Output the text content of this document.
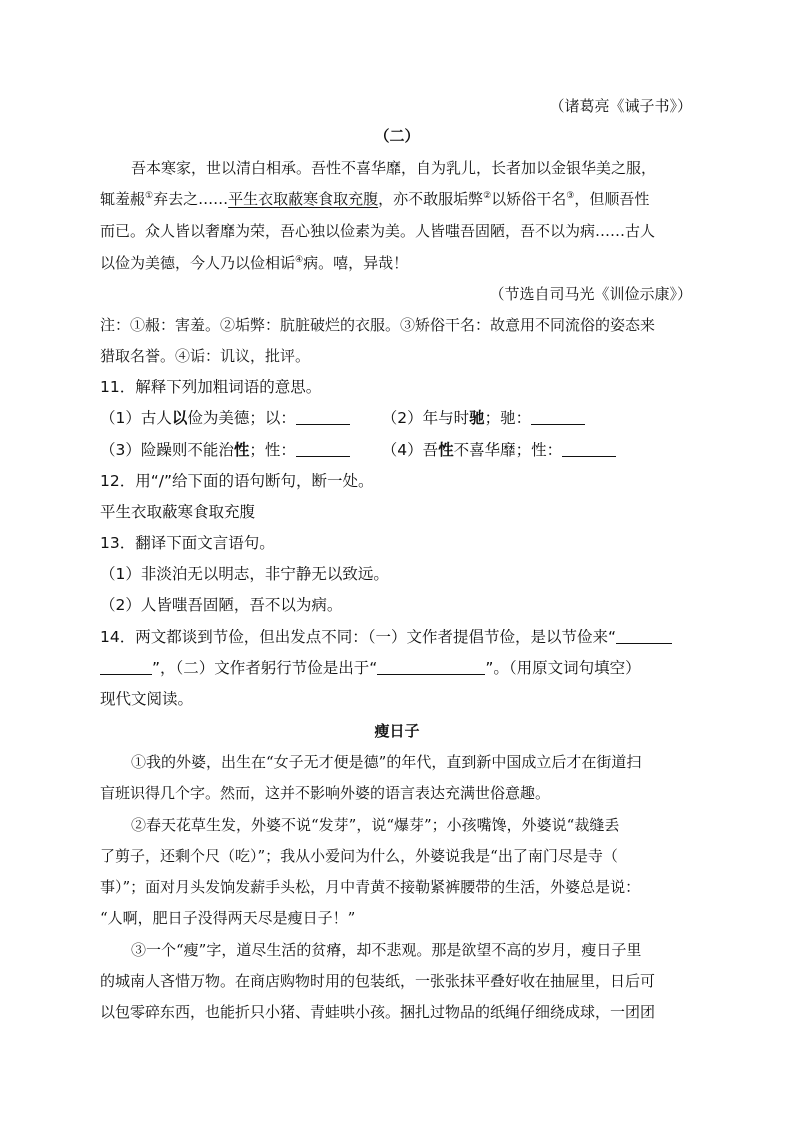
（诸葛亮《诫子书》）
（二）
吾本寒家，世以清白相承。吾性不喜华靡，自为乳儿，长者加以金银华美之服，
辄羞赧①弃去之……平生衣取蔽寒食取充腹，亦不敢服垢弊②以矫俗干名③，但顺吾性
而已。众人皆以奢靡为荣，吾心独以俭素为美。人皆嗤吾固陋，吾不以为病……古人
以俭为美德，今人乃以俭相诟④病。嘻，异哉！
（节选自司马光《训俭示康》）
注：①赧：害羞。②垢弊：肮脏破烂的衣服。③矫俗干名：故意用不同流俗的姿态来
猎取名誉。④诟：讥议，批评。
11．解释下列加粗词语的意思。
（1）古人以俭为美德；以：	（2）年与时驰；驰：
（3）险躁则不能治性；性：	（4）吾性不喜华靡；性：
12．用“/”给下面的语句断句，断一处。
平生衣取蔽寒食取充腹
13．翻译下面文言语句。
（1）非淡泊无以明志，非宁静无以致远。
（2）人皆嗤吾固陋，吾不以为病。
14．两文都谈到节俭，但出发点不同：（一）文作者提倡节俭，是以节俭来“
”，（二）文作者躬行节俭是出于“	”。（用原文词句填空）
现代文阅读。
瘦日子
①我的外婆，出生在“女子无才便是德”的年代，直到新中国成立后才在街道扫
盲班识得几个字。然而，这并不影响外婆的语言表达充满世俗意趣。
②春天花草生发，外婆不说“发芽”，说“爆芽”；小孩嘴馋，外婆说“裁缝丢
了剪子，还剩个尺（吃）”；我从小爱问为什么，外婆说我是“出了南门尽是寺（
事）”；面对月头发饷发薪手头松，月中青黄不接勒紧裤腰带的生活，外婆总是说：
“人啊，肥日子没得两天尽是瘦日子！”
③一个“瘦”字，道尽生活的贫瘠，却不悲观。那是欲望不高的岁月，瘦日子里
的城南人吝惜万物。在商店购物时用的包装纸，一张张抹平叠好收在抽屉里，日后可
以包零碎东西，也能折只小猪、青蛙哄小孩。捆扎过物品的纸绳仔细绕成球，一团团
